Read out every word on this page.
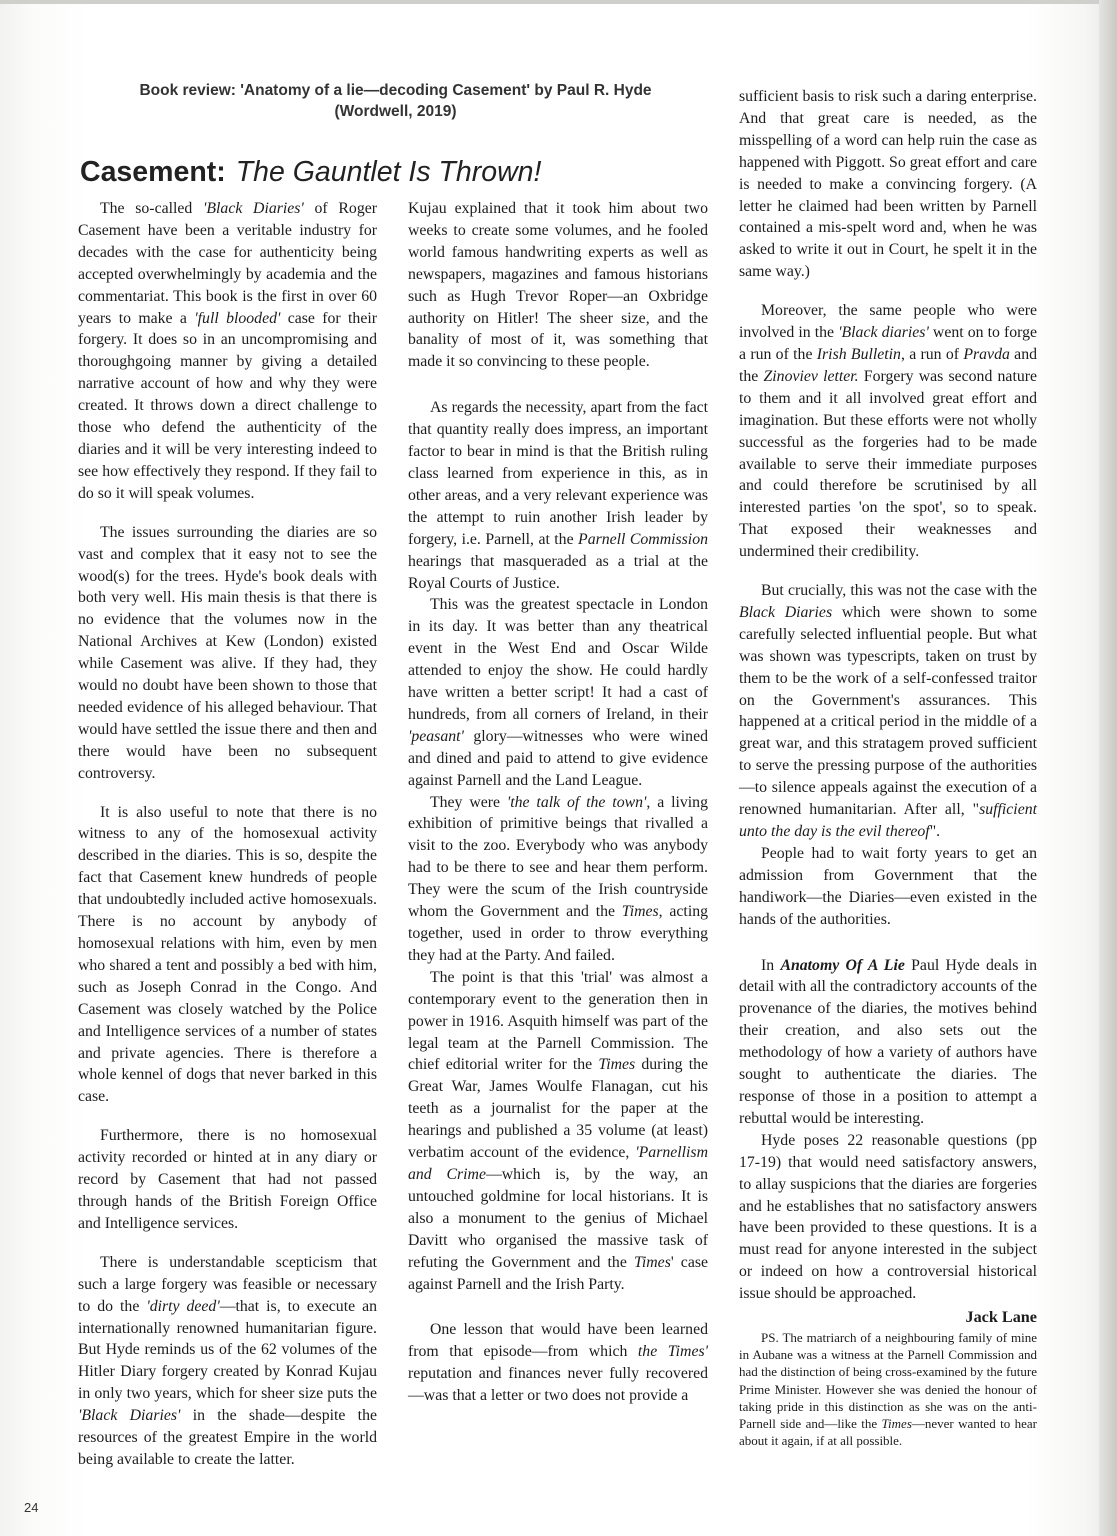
Book review: 'Anatomy of a lie—decoding Casement' by Paul R. Hyde
(Wordwell, 2019)
Casement: The Gauntlet Is Thrown!

The so-called 'Black Diaries' of Roger Casement have been a veritable industry for decades with the case for authenticity being accepted overwhelmingly by academia and the commentariat. This book is the first in over 60 years to make a 'full blooded' case for their forgery. It does so in an uncompromising and thoroughgoing manner by giving a detailed narrative account of how and why they were created. It throws down a direct challenge to those who defend the authenticity of the diaries and it will be very interesting indeed to see how effectively they respond. If they fail to do so it will speak volumes.

The issues surrounding the diaries are so vast and complex that it easy not to see the wood(s) for the trees. Hyde's book deals with both very well. His main thesis is that there is no evidence that the volumes now in the National Archives at Kew (London) existed while Casement was alive. If they had, they would no doubt have been shown to those that needed evidence of his alleged behaviour. That would have settled the issue there and then and there would have been no subsequent controversy.

It is also useful to note that there is no witness to any of the homosexual activity described in the diaries. This is so, despite the fact that Casement knew hundreds of people that undoubtedly included active homosexuals. There is no account by anybody of homosexual relations with him, even by men who shared a tent and possibly a bed with him, such as Joseph Conrad in the Congo. And Casement was closely watched by the Police and Intelligence services of a number of states and private agencies. There is therefore a whole kennel of dogs that never barked in this case.

Furthermore, there is no homosexual activity recorded or hinted at in any diary or record by Casement that had not passed through hands of the British Foreign Office and Intelligence services.

There is understandable scepticism that such a large forgery was feasible or necessary to do the 'dirty deed'—that is, to execute an internationally renowned humanitarian figure. But Hyde reminds us of the 62 volumes of the Hitler Diary forgery created by Konrad Kujau in only two years, which for sheer size puts the 'Black Diaries' in the shade—despite the resources of the greatest Empire in the world being available to create the latter.

Kujau explained that it took him about two weeks to create some volumes, and he fooled world famous handwriting experts as well as newspapers, magazines and famous historians such as Hugh Trevor Roper—an Oxbridge authority on Hitler! The sheer size, and the banality of most of it, was something that made it so convincing to these people.

As regards the necessity, apart from the fact that quantity really does impress, an important factor to bear in mind is that the British ruling class learned from experience in this, as in other areas, and a very relevant experience was the attempt to ruin another Irish leader by forgery, i.e. Parnell, at the Parnell Commission hearings that masqueraded as a trial at the Royal Courts of Justice.

This was the greatest spectacle in London in its day. It was better than any theatrical event in the West End and Oscar Wilde attended to enjoy the show. He could hardly have written a better script! It had a cast of hundreds, from all corners of Ireland, in their 'peasant' glory—witnesses who were wined and dined and paid to attend to give evidence against Parnell and the Land League.

They were 'the talk of the town', a living exhibition of primitive beings that rivalled a visit to the zoo. Everybody who was anybody had to be there to see and hear them perform. They were the scum of the Irish countryside whom the Government and the Times, acting together, used in order to throw everything they had at the Party. And failed.

The point is that this 'trial' was almost a contemporary event to the generation then in power in 1916. Asquith himself was part of the legal team at the Parnell Commission. The chief editorial writer for the Times during the Great War, James Woulfe Flanagan, cut his teeth as a journalist for the paper at the hearings and published a 35 volume (at least) verbatim account of the evidence, 'Parnellism and Crime—which is, by the way, an untouched goldmine for local historians. It is also a monument to the genius of Michael Davitt who organised the massive task of refuting the Government and the Times' case against Parnell and the Irish Party.

One lesson that would have been learned from that episode—from which the Times' reputation and finances never fully recovered —was that a letter or two does not provide a

sufficient basis to risk such a daring enterprise. And that great care is needed, as the misspelling of a word can help ruin the case as happened with Piggott. So great effort and care is needed to make a convincing forgery. (A letter he claimed had been written by Parnell contained a mis-spelt word and, when he was asked to write it out in Court, he spelt it in the same way.)

Moreover, the same people who were involved in the 'Black diaries' went on to forge a run of the Irish Bulletin, a run of Pravda and the Zinoviev letter. Forgery was second nature to them and it all involved great effort and imagination. But these efforts were not wholly successful as the forgeries had to be made available to serve their immediate purposes and could therefore be scrutinised by all interested parties 'on the spot', so to speak. That exposed their weaknesses and undermined their credibility.

But crucially, this was not the case with the Black Diaries which were shown to some carefully selected influential people. But what was shown was typescripts, taken on trust by them to be the work of a self-confessed traitor on the Government's assurances. This happened at a critical period in the middle of a great war, and this stratagem proved sufficient to serve the pressing purpose of the authorities—to silence appeals against the execution of a renowned humanitarian. After all, "sufficient unto the day is the evil thereof".

People had to wait forty years to get an admission from Government that the handiwork—the Diaries—even existed in the hands of the authorities.

In Anatomy Of A Lie Paul Hyde deals in detail with all the contradictory accounts of the provenance of the diaries, the motives behind their creation, and also sets out the methodology of how a variety of authors have sought to authenticate the diaries. The response of those in a position to attempt a rebuttal would be interesting.

Hyde poses 22 reasonable questions (pp 17-19) that would need satisfactory answers, to allay suspicions that the diaries are forgeries and he establishes that no satisfactory answers have been provided to these questions. It is a must read for anyone interested in the subject or indeed on how a controversial historical issue should be approached.

Jack Lane

PS. The matriarch of a neighbouring family of mine in Aubane was a witness at the Parnell Commission and had the distinction of being cross-examined by the future Prime Minister. However she was denied the honour of taking pride in this distinction as she was on the anti-Parnell side and—like the Times—never wanted to hear about it again, if at all possible.

24
